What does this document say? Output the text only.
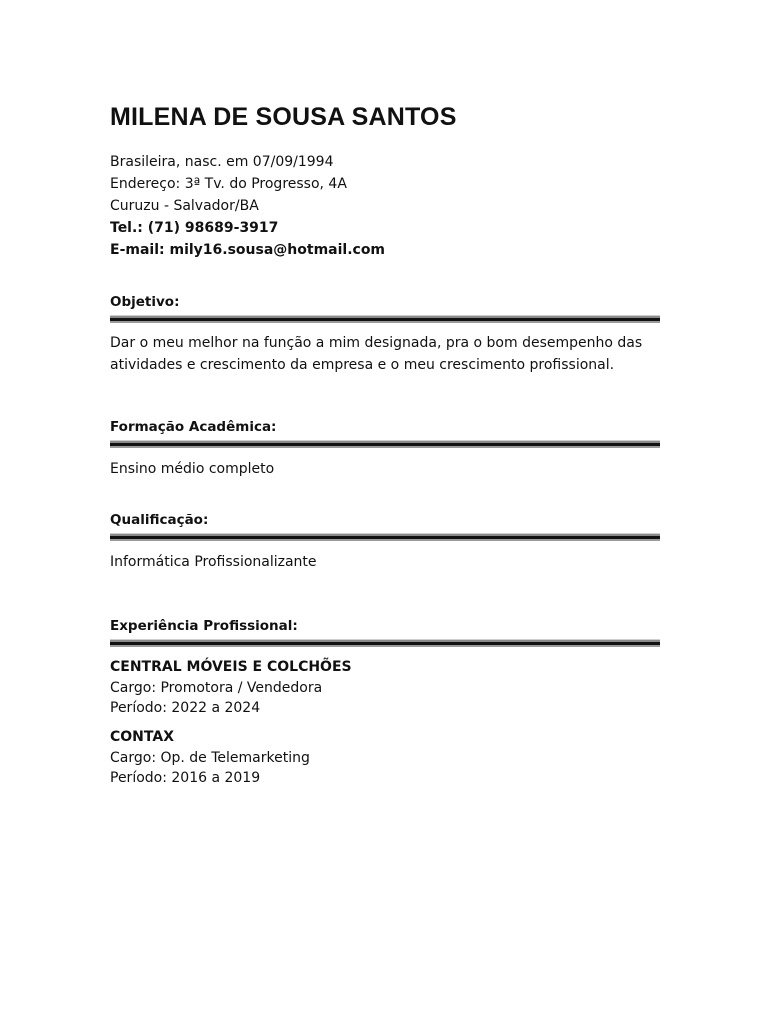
MILENA DE SOUSA SANTOS

Brasileira, nasc. em 07/09/1994

Endereço: 3ª Tv. do Progresso, 4A

Curuzu - Salvador/BA

Tel.: (71) 98689-3917

E-mail: mily16.sousa@hotmail.com

Objetivo:

Dar o meu melhor na função a mim designada, pra o bom desempenho das atividades e crescimento da empresa e o meu crescimento profissional.

Formação Acadêmica:

Ensino médio completo

Qualificação:

Informática Profissionalizante

Experiência Profissional:

CENTRAL MÓVEIS E COLCHÕES

Cargo: Promotora / Vendedora

Período: 2022 a 2024

CONTAX

Cargo: Op. de Telemarketing

Período: 2016 a 2019
